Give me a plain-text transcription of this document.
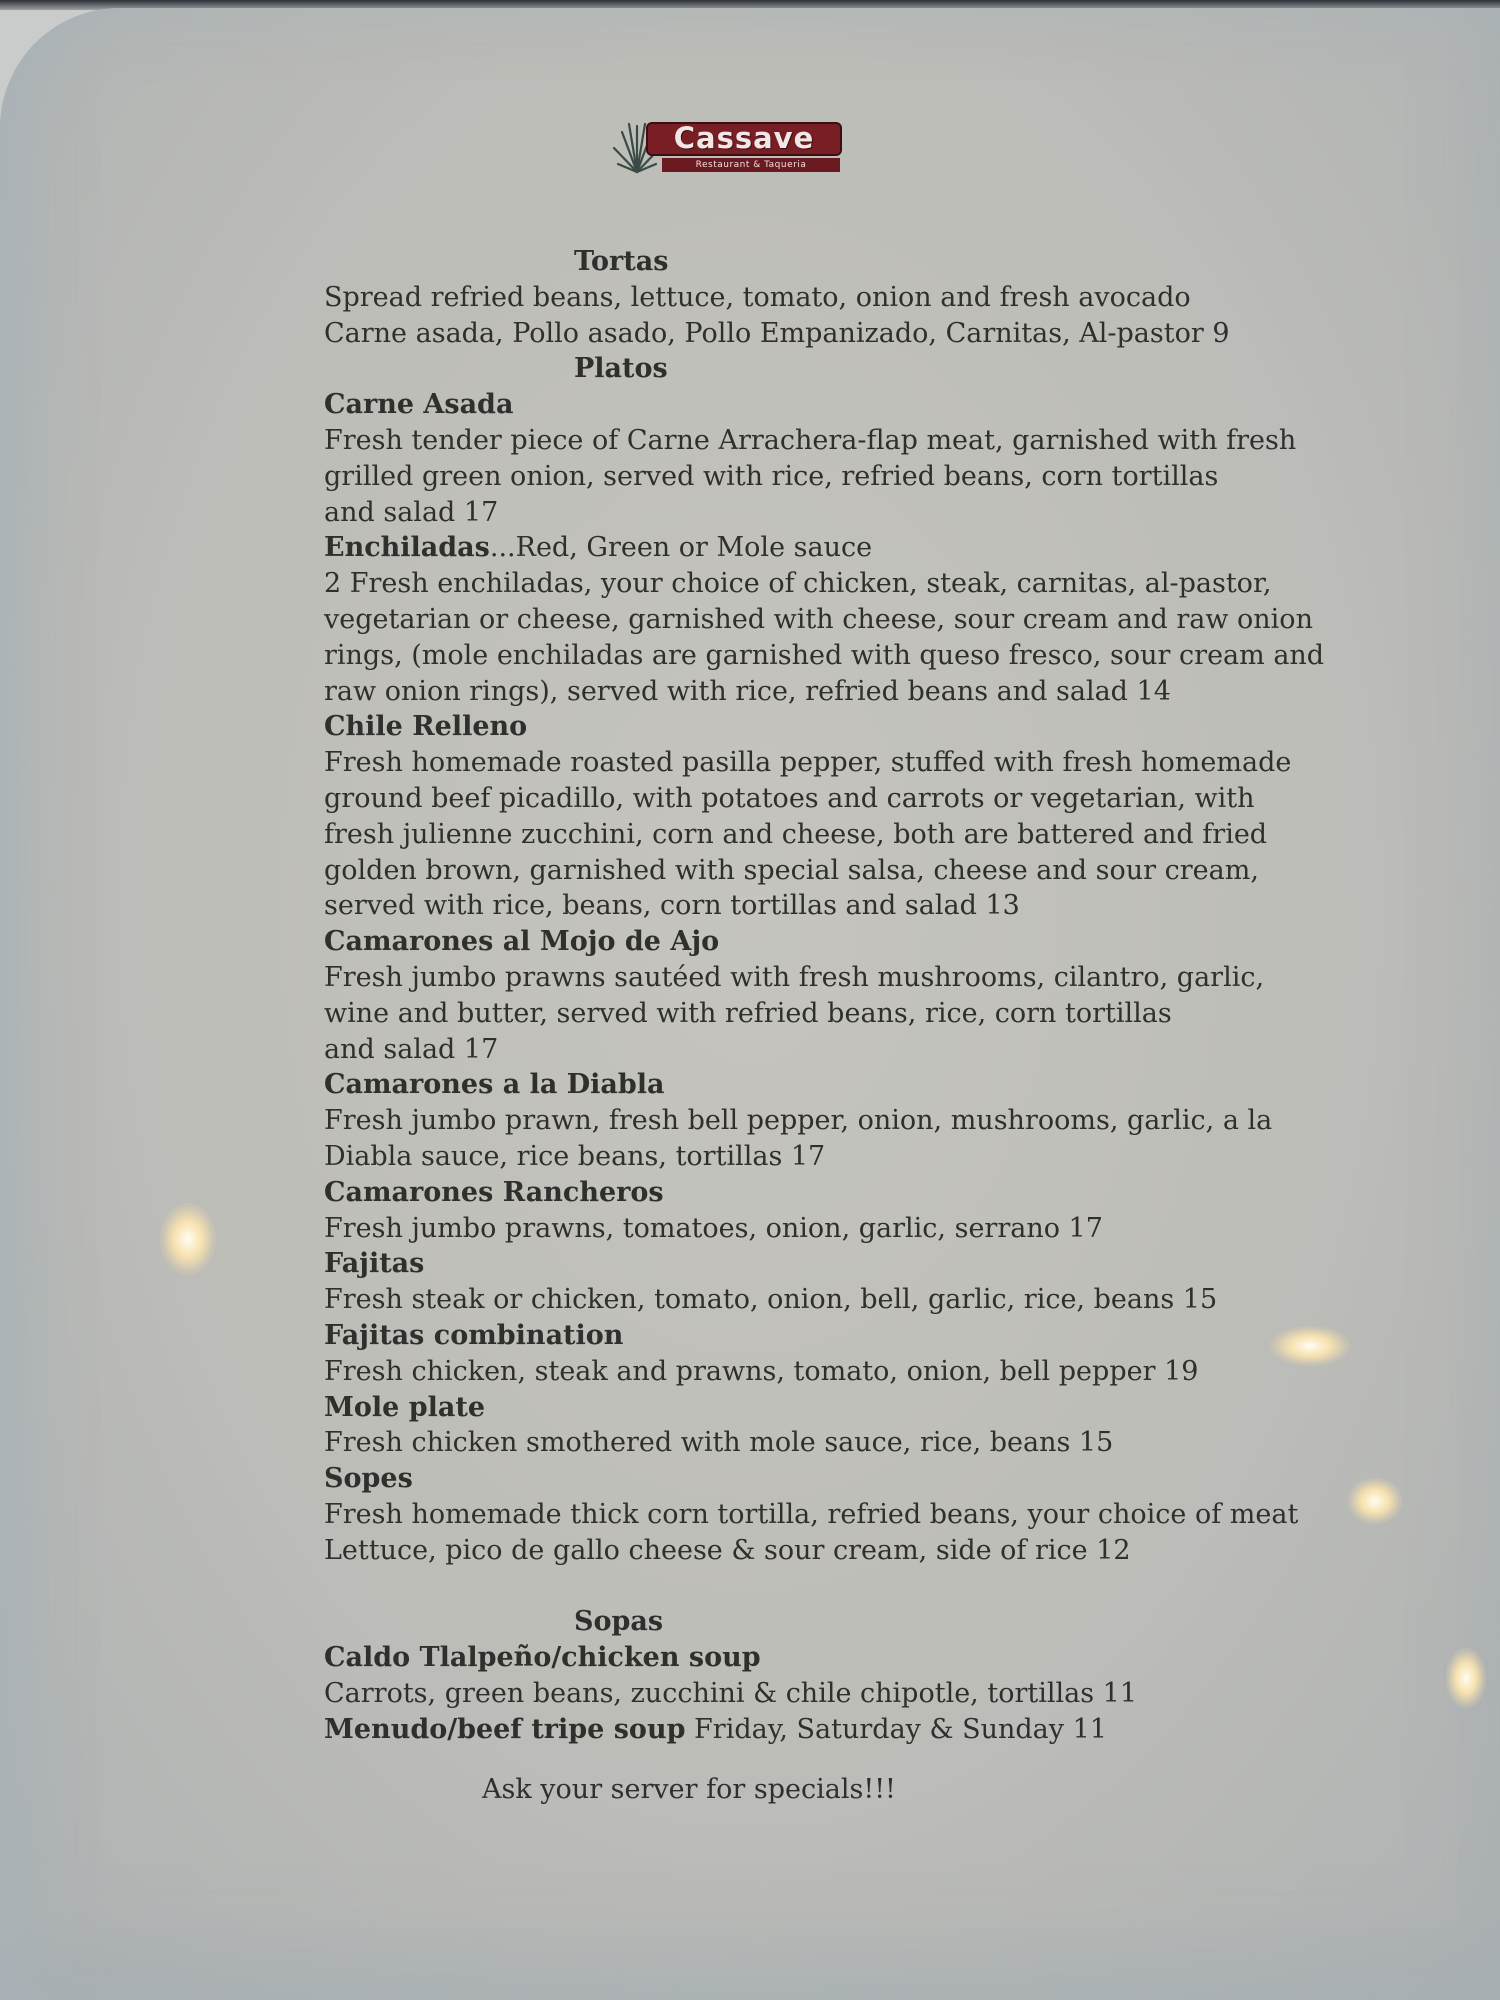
Cassave
Restaurant & Taqueria
Tortas
Spread refried beans, lettuce, tomato, onion and fresh avocado
Carne asada, Pollo asado, Pollo Empanizado, Carnitas, Al-pastor 9
Platos
Carne Asada
Fresh tender piece of Carne Arrachera-flap meat, garnished with fresh
grilled green onion, served with rice, refried beans, corn tortillas
and salad 17
Enchiladas...Red, Green or Mole sauce
2 Fresh enchiladas, your choice of chicken, steak, carnitas, al-pastor,
vegetarian or cheese, garnished with cheese, sour cream and raw onion
rings, (mole enchiladas are garnished with queso fresco, sour cream and
raw onion rings), served with rice, refried beans and salad 14
Chile Relleno
Fresh homemade roasted pasilla pepper, stuffed with fresh homemade
ground beef picadillo, with potatoes and carrots or vegetarian, with
fresh julienne zucchini, corn and cheese, both are battered and fried
golden brown, garnished with special salsa, cheese and sour cream,
served with rice, beans, corn tortillas and salad 13
Camarones al Mojo de Ajo
Fresh jumbo prawns sautéed with fresh mushrooms, cilantro, garlic,
wine and butter, served with refried beans, rice, corn tortillas
and salad 17
Camarones a la Diabla
Fresh jumbo prawn, fresh bell pepper, onion, mushrooms, garlic, a la
Diabla sauce, rice beans, tortillas 17
Camarones Rancheros
Fresh jumbo prawns, tomatoes, onion, garlic, serrano 17
Fajitas
Fresh steak or chicken, tomato, onion, bell, garlic, rice, beans 15
Fajitas combination
Fresh chicken, steak and prawns, tomato, onion, bell pepper 19
Mole plate
Fresh chicken smothered with mole sauce, rice, beans 15
Sopes
Fresh homemade thick corn tortilla, refried beans, your choice of meat
Lettuce, pico de gallo cheese & sour cream, side of rice 12
Sopas
Caldo Tlalpeño/chicken soup
Carrots, green beans, zucchini & chile chipotle, tortillas 11
Menudo/beef tripe soup Friday, Saturday & Sunday 11
Ask your server for specials!!!
